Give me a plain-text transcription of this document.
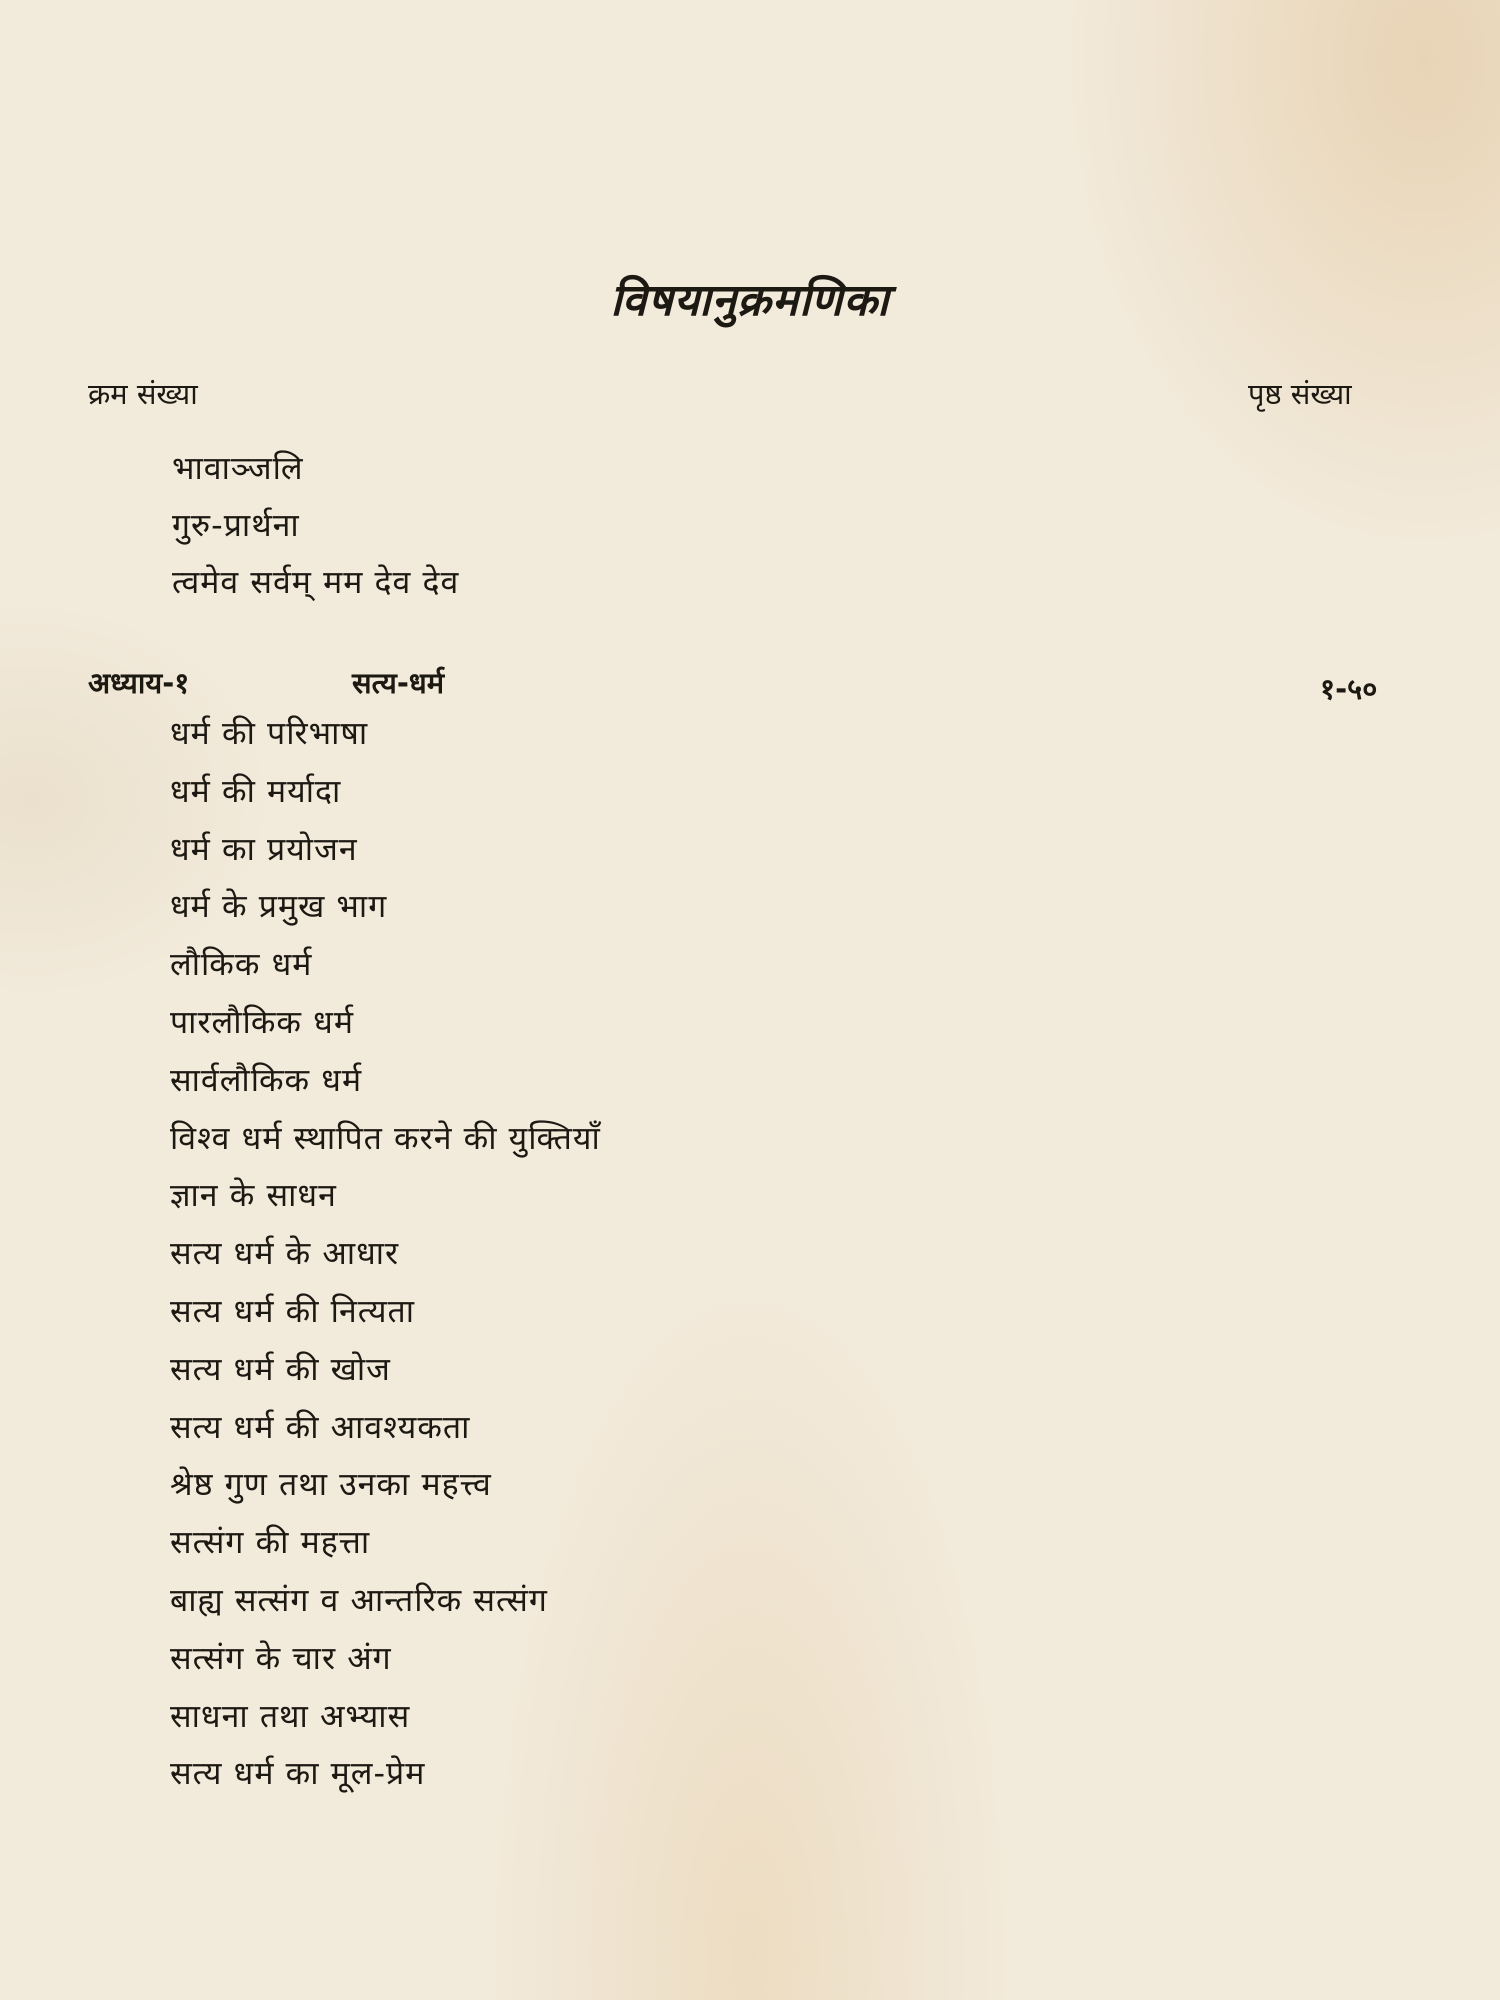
विषयानुक्रमणिका
क्रम संख्या	पृष्ठ संख्या
भावाञ्जलि
गुरु-प्रार्थना
त्वमेव सर्वम् मम देव देव
अध्याय-१	सत्य-धर्म	१-५०
धर्म की परिभाषा
धर्म की मर्यादा
धर्म का प्रयोजन
धर्म के प्रमुख भाग
लौकिक धर्म
पारलौकिक धर्म
सार्वलौकिक धर्म
विश्व धर्म स्थापित करने की युक्तियाँ
ज्ञान के साधन
सत्य धर्म के आधार
सत्य धर्म की नित्यता
सत्य धर्म की खोज
सत्य धर्म की आवश्यकता
श्रेष्ठ गुण तथा उनका महत्त्व
सत्संग की महत्ता
बाह्य सत्संग व आन्तरिक सत्संग
सत्संग के चार अंग
साधना तथा अभ्यास
सत्य धर्म का मूल-प्रेम
